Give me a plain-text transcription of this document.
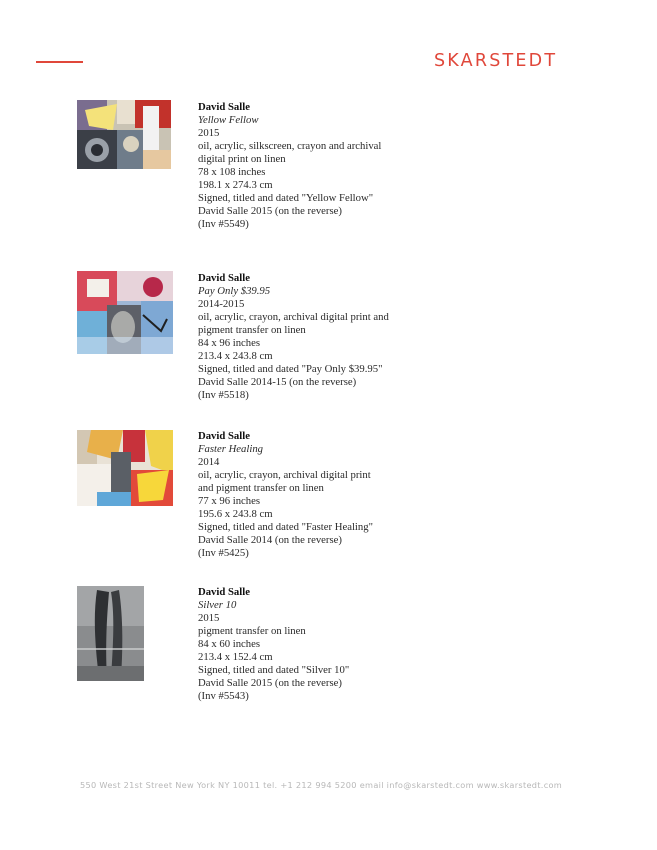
SKARSTEDT
David Salle
Yellow Fellow
2015
oil, acrylic, silkscreen, crayon and archival
digital print on linen
78 x 108 inches
198.1 x 274.3 cm
Signed, titled and dated "Yellow Fellow"
David Salle 2015 (on the reverse)
(Inv #5549)
David Salle
Pay Only $39.95
2014-2015
oil, acrylic, crayon, archival digital print and
pigment transfer on linen
84 x 96 inches
213.4 x 243.8 cm
Signed, titled and dated "Pay Only $39.95"
David Salle 2014-15 (on the reverse)
(Inv #5518)
David Salle
Faster Healing
2014
oil, acrylic, crayon, archival digital print
and pigment transfer on linen
77 x 96 inches
195.6 x 243.8 cm
Signed, titled and dated "Faster Healing"
David Salle 2014 (on the reverse)
(Inv #5425)
David Salle
Silver 10
2015
pigment transfer on linen
84 x 60 inches
213.4 x 152.4 cm
Signed, titled and dated "Silver 10"
David Salle 2015 (on the reverse)
(Inv #5543)
550 West 21st Street New York NY 10011 tel. +1 212 994 5200 email info@skarstedt.com www.skarstedt.com
